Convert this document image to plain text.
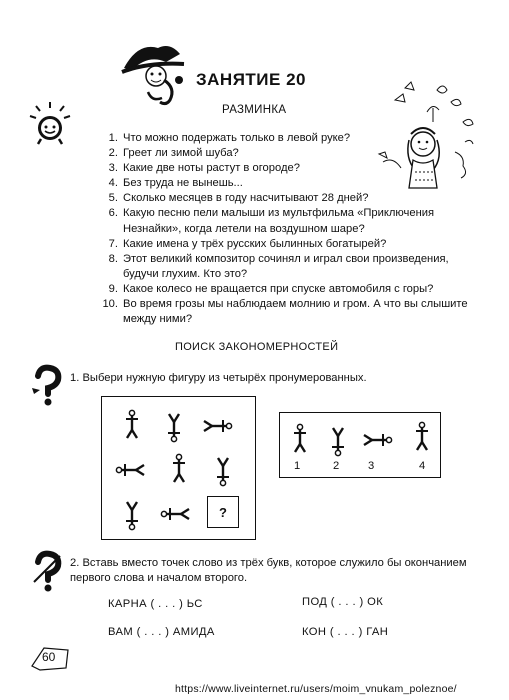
ЗАНЯТИЕ 20
РАЗМИНКА
1. Что можно подержать только в левой руке?
2. Греет ли зимой шуба?
3. Какие две ноты растут в огороде?
4. Без труда не вынешь...
5. Сколько месяцев в году насчитывают 28 дней?
6. Какую песню пели малыши из мультфильма «Приключения Незнайки», когда летели на воздушном шаре?
7. Какие имена у трёх русских былинных богатырей?
8. Этот великий композитор сочинял и играл свои произведения, будучи глухим. Кто это?
9. Какое колесо не вращается при спуске автомобиля с горы?
10. Во время грозы мы наблюдаем молнию и гром. А что вы слышите между ними?
ПОИСК ЗАКОНОМЕРНОСТЕЙ
1. Выбери нужную фигуру из четырёх пронумерованных.
?
1	2	3	4
2. Вставь вместо точек слово из трёх букв, которое служило бы окончанием первого слова и началом второго.
КАРНА ( . . . ) ЬС	ПОД ( . . . ) ОК
ВАМ ( . . . ) АМИДА	КОН ( . . . ) ГАН
60
https://www.liveinternet.ru/users/moim_vnukam_poleznoe/
